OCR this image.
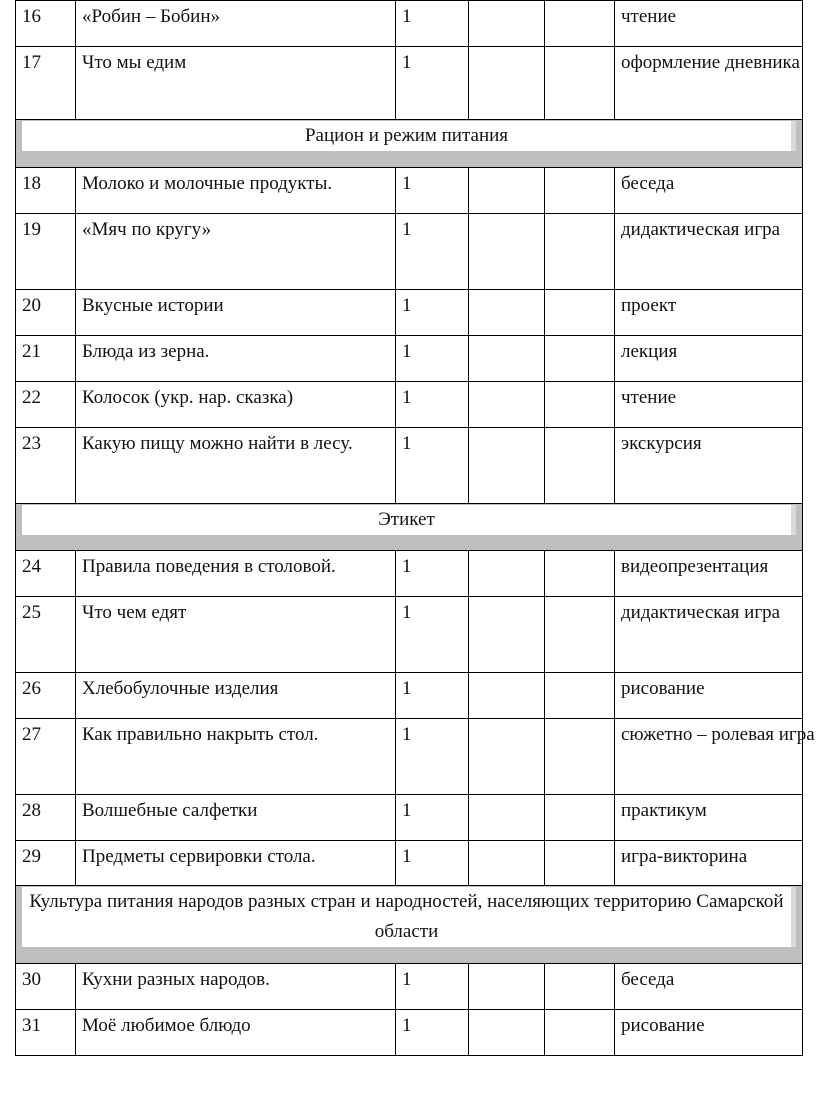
16	«Робин – Бобин»	1			чтение
17	Что мы едим	1			оформление дневника

Рацион и режим питания					

18	Молоко и молочные продукты.	1			беседа
19	«Мяч по кругу»	1			дидактическая игра
20	Вкусные истории	1			проект
21	Блюда из зерна.	1			лекция
22	Колосок (укр. нар. сказка)	1			чтение
23	Какую пищу можно найти в лесу.	1			экскурсия

Этикет					

24	Правила поведения в столовой.	1			видеопрезентация
25	Что чем едят	1			дидактическая игра
26	Хлебобулочные изделия	1			рисование
27	Как правильно накрыть стол.	1			сюжетно – ролевая игра
28	Волшебные салфетки	1			практикум
29	Предметы сервировки стола.	1			игра-викторина

Культура питания народов разных стран и народностей, населяющих территорию Самарской области					

30	Кухни разных народов.	1			беседа
31	Моё любимое блюдо	1			рисование
